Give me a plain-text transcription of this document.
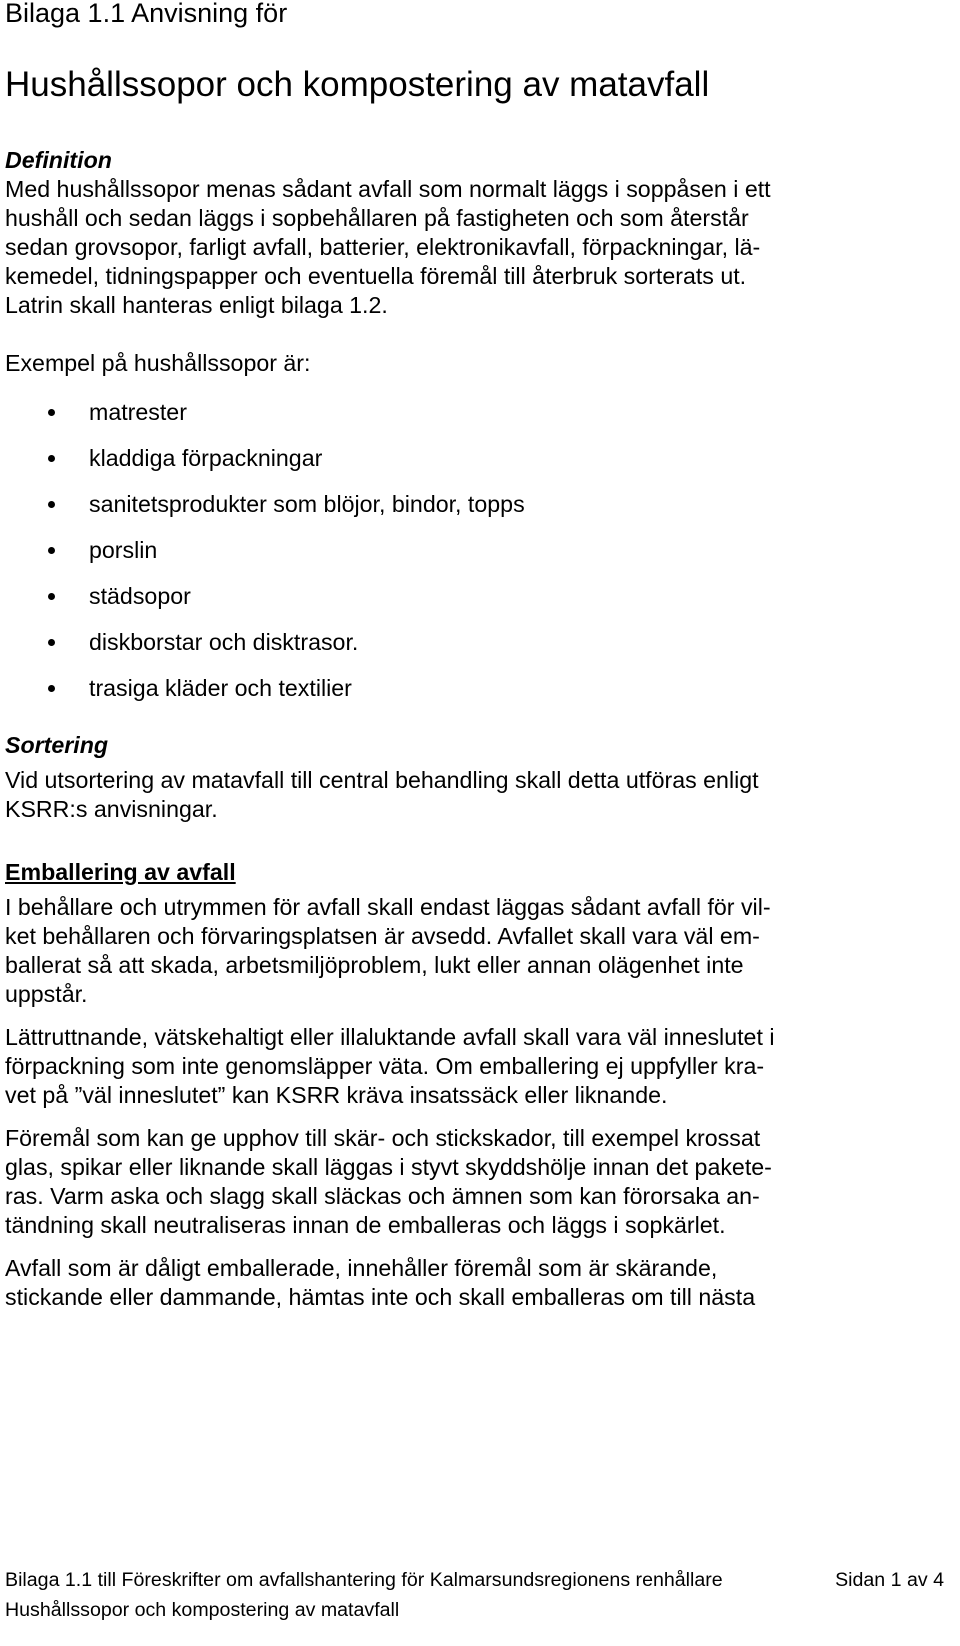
Bilaga 1.1 Anvisning för
Hushållssopor och kompostering av matavfall
Definition
Med hushållssopor menas sådant avfall som normalt läggs i soppåsen i ett
hushåll och sedan läggs i sopbehållaren på fastigheten och som återstår
sedan grovsopor, farligt avfall, batterier, elektronikavfall, förpackningar, lä-
kemedel, tidningspapper och eventuella föremål till återbruk sorterats ut.
Latrin skall hanteras enligt bilaga 1.2.
Exempel på hushållssopor är:
matrester
kladdiga förpackningar
sanitetsprodukter som blöjor, bindor, topps
porslin
städsopor
diskborstar och disktrasor.
trasiga kläder och textilier
Sortering
Vid utsortering av matavfall till central behandling skall detta utföras enligt
KSRR:s anvisningar.
Emballering av avfall
I behållare och utrymmen för avfall skall endast läggas sådant avfall för vil-
ket behållaren och förvaringsplatsen är avsedd. Avfallet skall vara väl em-
ballerat så att skada, arbetsmiljöproblem, lukt eller annan olägenhet inte
uppstår.
Lättruttnande, vätskehaltigt eller illaluktande avfall skall vara väl inneslutet i
förpackning som inte genomsläpper väta. Om emballering ej uppfyller kra-
vet på ”väl inneslutet” kan KSRR kräva insatssäck eller liknande.
Föremål som kan ge upphov till skär- och stickskador, till exempel krossat
glas, spikar eller liknande skall läggas i styvt skyddshölje innan det pakete-
ras. Varm aska och slagg skall släckas och ämnen som kan förorsaka an-
tändning skall neutraliseras innan de emballeras och läggs i sopkärlet.
Avfall som är dåligt emballerade, innehåller föremål som är skärande,
stickande eller dammande, hämtas inte och skall emballeras om till nästa
Bilaga 1.1 till Föreskrifter om avfallshantering för Kalmarsundsregionens renhållare	Sidan 1 av 4
Hushållssopor och kompostering av matavfall
